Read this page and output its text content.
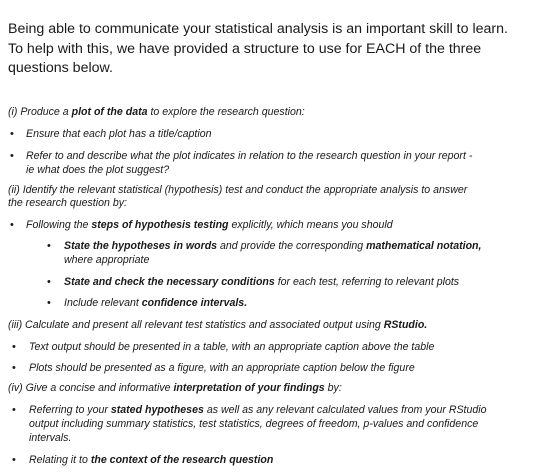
Being able to communicate your statistical analysis is an important skill to learn. To help with this, we have provided a structure to use for EACH of the three questions below.

(i) Produce a plot of the data to explore the research question:
•
Ensure that each plot has a title/caption
•
Refer to and describe what the plot indicates in relation to the research question in your report -
ie what does the plot suggest?
(ii) Identify the relevant statistical (hypothesis) test and conduct the appropriate analysis to answer
the research question by:
•
Following the steps of hypothesis testing explicitly, which means you should
•
State the hypotheses in words and provide the corresponding mathematical notation,
where appropriate
•
State and check the necessary conditions for each test, referring to relevant plots
•
Include relevant confidence intervals.
(iii) Calculate and present all relevant test statistics and associated output using RStudio.
•
Text output should be presented in a table, with an appropriate caption above the table
•
Plots should be presented as a figure, with an appropriate caption below the figure
(iv) Give a concise and informative interpretation of your findings by:
•
Referring to your stated hypotheses as well as any relevant calculated values from your RStudio
output including summary statistics, test statistics, degrees of freedom, p-values and confidence
intervals.
•
Relating it to the context of the research question
